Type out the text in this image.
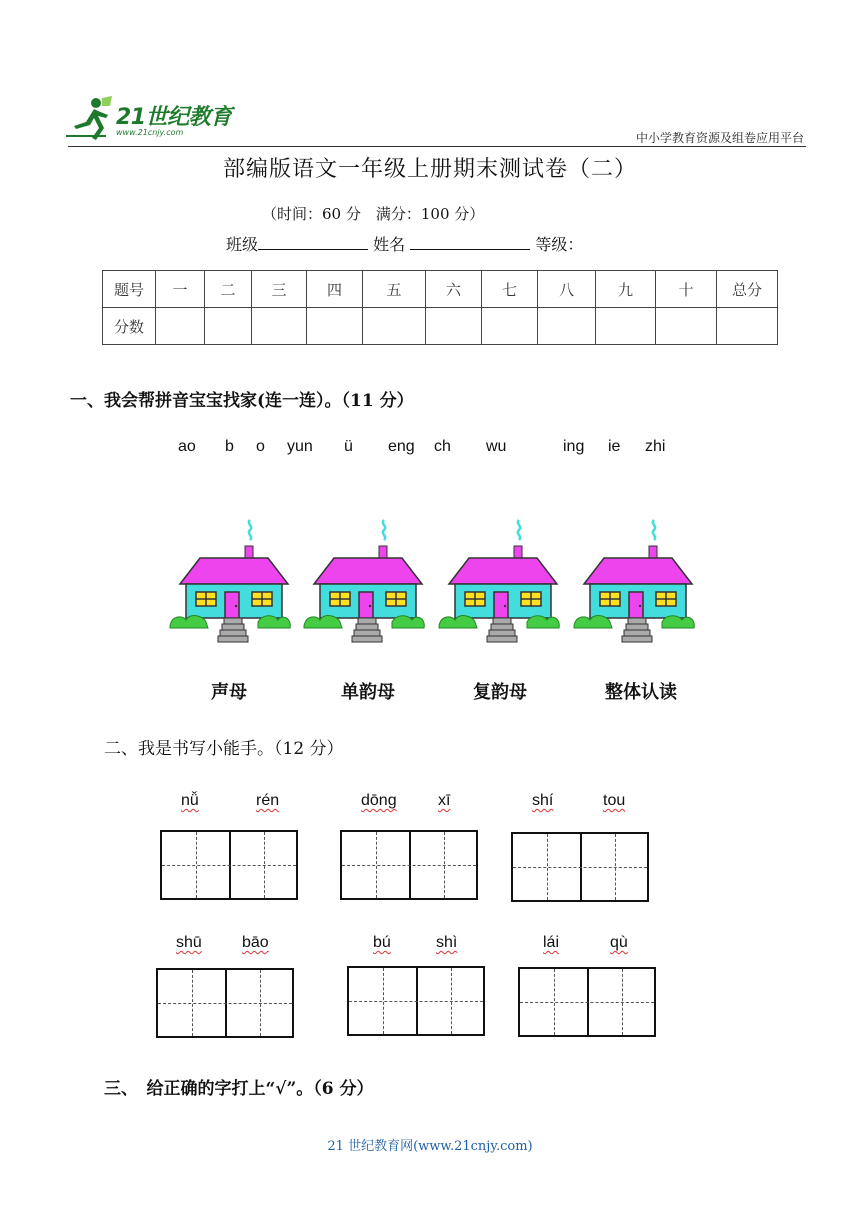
21世纪教育
www.21cnjy.com	中小学教育资源及组卷应用平台
部编版语文一年级上册期末测试卷（二）
（时间：60 分　满分：100 分）
班级	姓名	等级：
题号	一	二	三	四	五	六	七	八	九	十	总分
分数											
一、我会帮拼音宝宝找家(连一连）。（11 分）
ao b o yun ü eng ch wu	ing ie zhi
声母	单韵母	复韵母	整体认读
二、我是书写小能手。（12 分）
nǚ	rén	dōng	xī	shí	tou
shū	bāo	bú	shì	lái	qù
三、　给正确的字打上“√”。（6 分）
21 世纪教育网(www.21cnjy.com)
